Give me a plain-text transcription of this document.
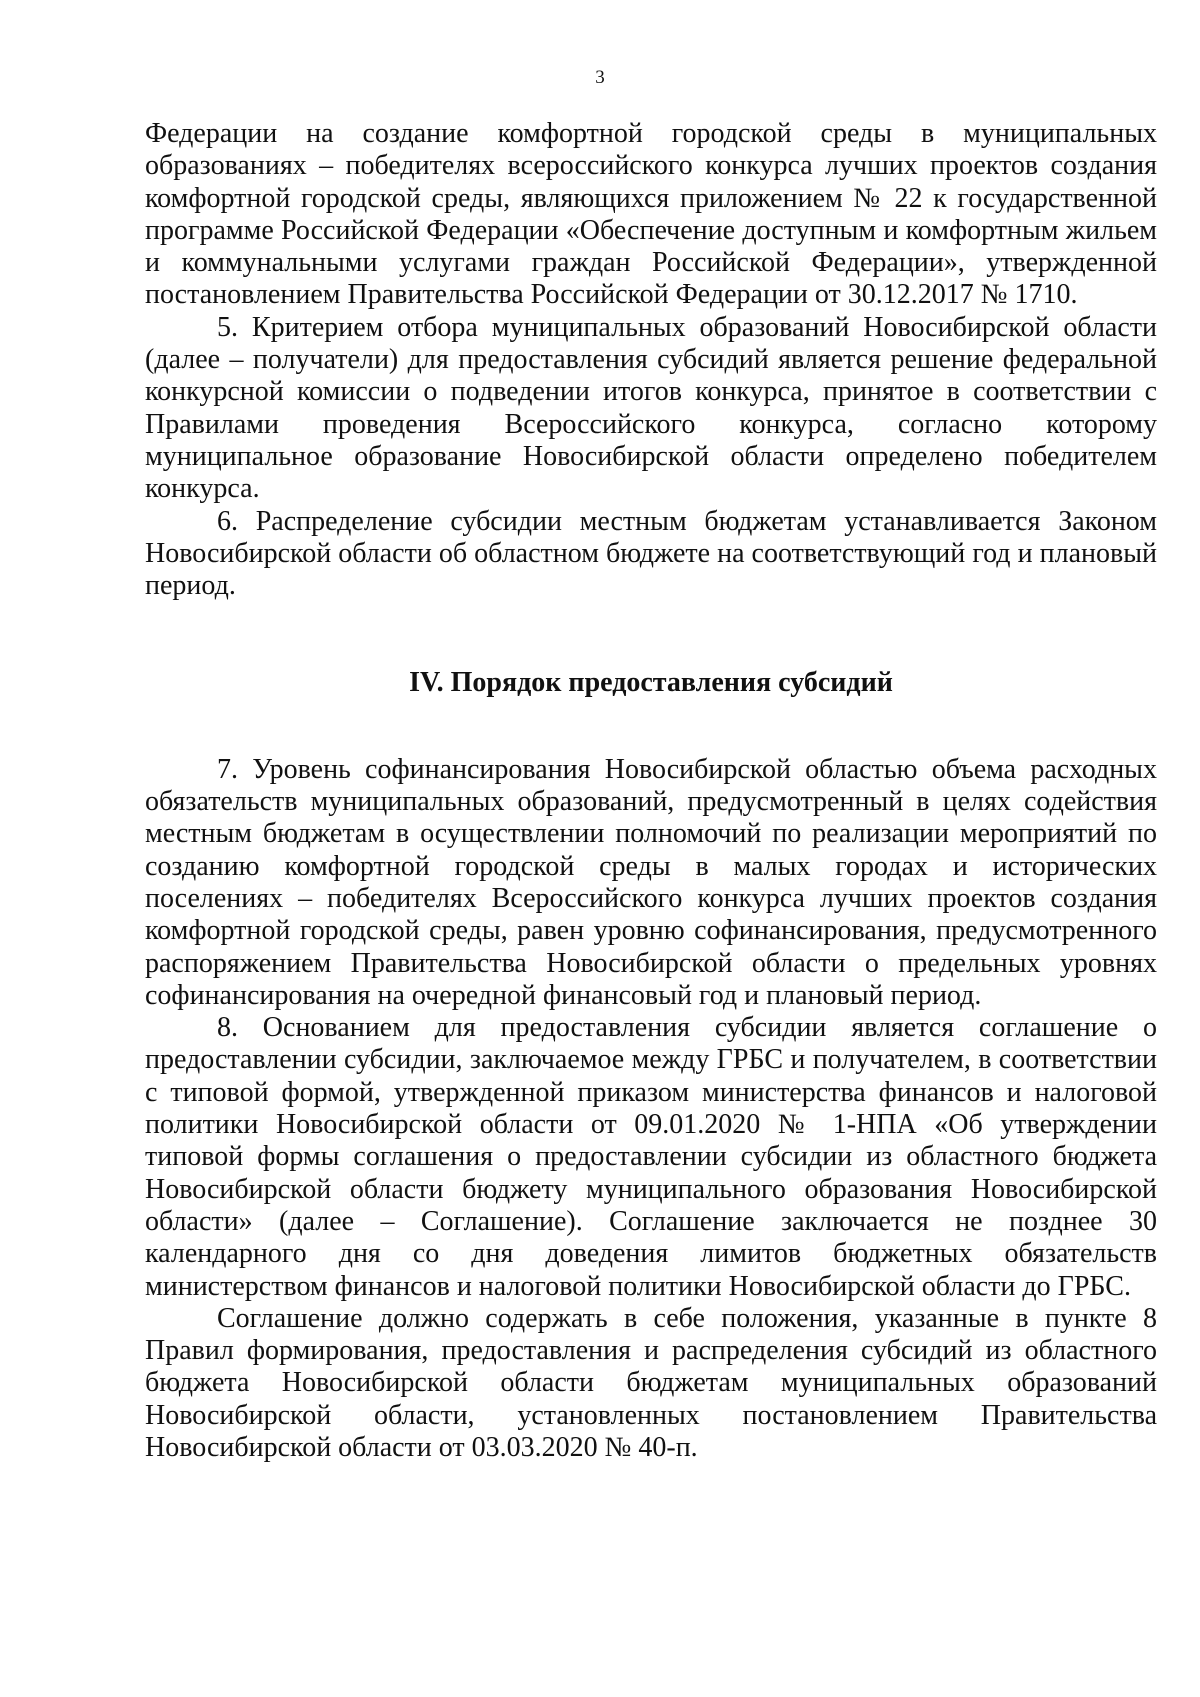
3

Федерации на создание комфортной городской среды в муниципальных образованиях – победителях всероссийского конкурса лучших проектов создания комфортной городской среды, являющихся приложением № 22 к государственной программе Российской Федерации «Обеспечение доступным и комфортным жильем и коммунальными услугами граждан Российской Федерации», утвержденной постановлением Правительства Российской Федерации от 30.12.2017 № 1710.

5. Критерием отбора муниципальных образований Новосибирской области (далее – получатели) для предоставления субсидий является решение федеральной конкурсной комиссии о подведении итогов конкурса, принятое в соответствии с Правилами проведения Всероссийского конкурса, согласно которому муниципальное образование Новосибирской области определено победителем конкурса.

6. Распределение субсидии местным бюджетам устанавливается Законом Новосибирской области об областном бюджете на соответствующий год и плановый период.

IV. Порядок предоставления субсидий

7. Уровень софинансирования Новосибирской областью объема расходных обязательств муниципальных образований, предусмотренный в целях содействия местным бюджетам в осуществлении полномочий по реализации мероприятий по созданию комфортной городской среды в малых городах и исторических поселениях – победителях Всероссийского конкурса лучших проектов создания комфортной городской среды, равен уровню софинансирования, предусмотренного распоряжением Правительства Новосибирской области о предельных уровнях софинансирования на очередной финансовый год и плановый период.

8. Основанием для предоставления субсидии является соглашение о предоставлении субсидии, заключаемое между ГРБС и получателем, в соответствии с типовой формой, утвержденной приказом министерства финансов и налоговой политики Новосибирской области от 09.01.2020 № 1-НПА «Об утверждении типовой формы соглашения о предоставлении субсидии из областного бюджета Новосибирской области бюджету муниципального образования Новосибирской области» (далее – Соглашение). Соглашение заключается не позднее 30 календарного дня со дня доведения лимитов бюджетных обязательств министерством финансов и налоговой политики Новосибирской области до ГРБС.

Соглашение должно содержать в себе положения, указанные в пункте 8 Правил формирования, предоставления и распределения субсидий из областного бюджета Новосибирской области бюджетам муниципальных образований Новосибирской области, установленных постановлением Правительства Новосибирской области от 03.03.2020 № 40-п.
